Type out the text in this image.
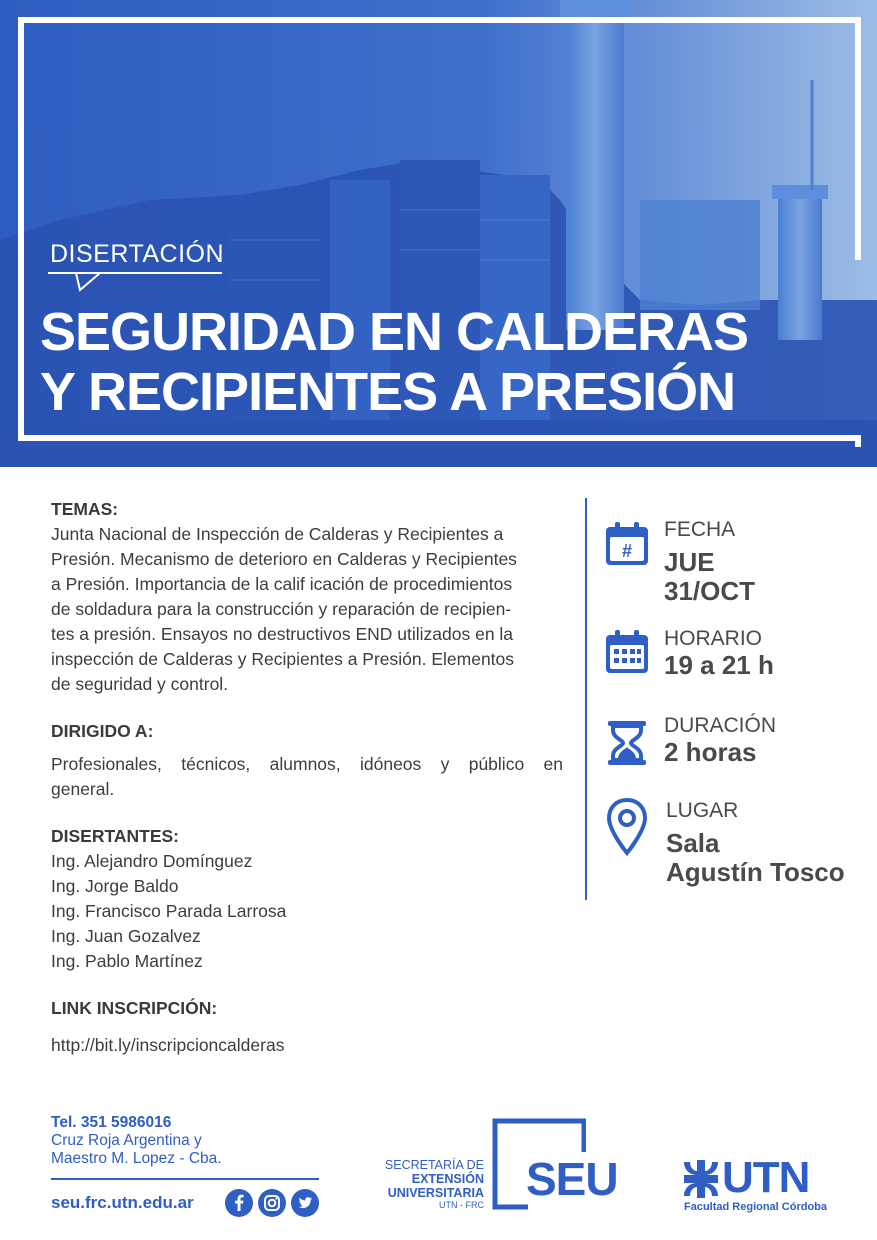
DISERTACIÓN
SEGURIDAD EN CALDERAS
Y RECIPIENTES A PRESIÓN
TEMAS:
Junta Nacional de Inspección de Calderas y Recipientes a
Presión. Mecanismo de deterioro en Calderas y Recipientes
a Presión. Importancia de la calif icación de procedimientos
de soldadura para la construcción y reparación de recipien-
tes a presión. Ensayos no destructivos END utilizados en la
inspección de Calderas y Recipientes a Presión. Elementos
de seguridad y control.
DIRIGIDO A:
Profesionales, técnicos, alumnos, idóneos y público en
general.
DISERTANTES:
Ing. Alejandro Domínguez
Ing. Jorge Baldo
Ing. Francisco Parada Larrosa
Ing. Juan Gozalvez
Ing. Pablo Martínez
LINK INSCRIPCIÓN:
http://bit.ly/inscripcioncalderas
#
FECHA
JUE
31/OCT
HORARIO
19 a 21 h
DURACIÓN
2 horas
LUGAR
Sala
Agustín Tosco
Tel. 351 5986016
Cruz Roja Argentina y
Maestro M. Lopez - Cba.
seu.frc.utn.edu.ar
SECRETARÍA DE
EXTENSIÓN
UNIVERSITARIA
UTN - FRC SEU UTN
Facultad Regional Córdoba
